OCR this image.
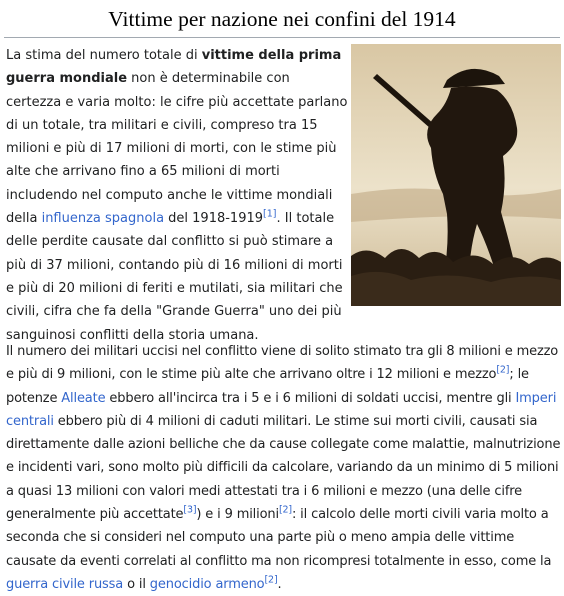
Vittime per nazione nei confini del 1914

La stima del numero totale di vittime della prima guerra mondiale non è determinabile con certezza e varia molto: le cifre più accettate parlano di un totale, tra militari e civili, compreso tra 15 milioni e più di 17 milioni di morti, con le stime più alte che arrivano fino a 65 milioni di morti includendo nel computo anche le vittime mondiali della influenza spagnola del 1918-1919[1]. Il totale delle perdite causate dal conflitto si può stimare a più di 37 milioni, contando più di 16 milioni di morti e più di 20 milioni di feriti e mutilati, sia militari che civili, cifra che fa della "Grande Guerra" uno dei più sanguinosi conflitti della storia umana.

Il numero dei militari uccisi nel conflitto viene di solito stimato tra gli 8 milioni e mezzo e più di 9 milioni, con le stime più alte che arrivano oltre i 12 milioni e mezzo[2]; le potenze Alleate ebbero all'incirca tra i 5 e i 6 milioni di soldati uccisi, mentre gli Imperi centrali ebbero più di 4 milioni di caduti militari. Le stime sui morti civili, causati sia direttamente dalle azioni belliche che da cause collegate come malattie, malnutrizione e incidenti vari, sono molto più difficili da calcolare, variando da un minimo di 5 milioni a quasi 13 milioni con valori medi attestati tra i 6 milioni e mezzo (una delle cifre generalmente più accettate[3]) e i 9 milioni[2]: il calcolo delle morti civili varia molto a seconda che si consideri nel computo una parte più o meno ampia delle vittime causate da eventi correlati al conflitto ma non ricompresi totalmente in esso, come la guerra civile russa o il genocidio armeno[2].
